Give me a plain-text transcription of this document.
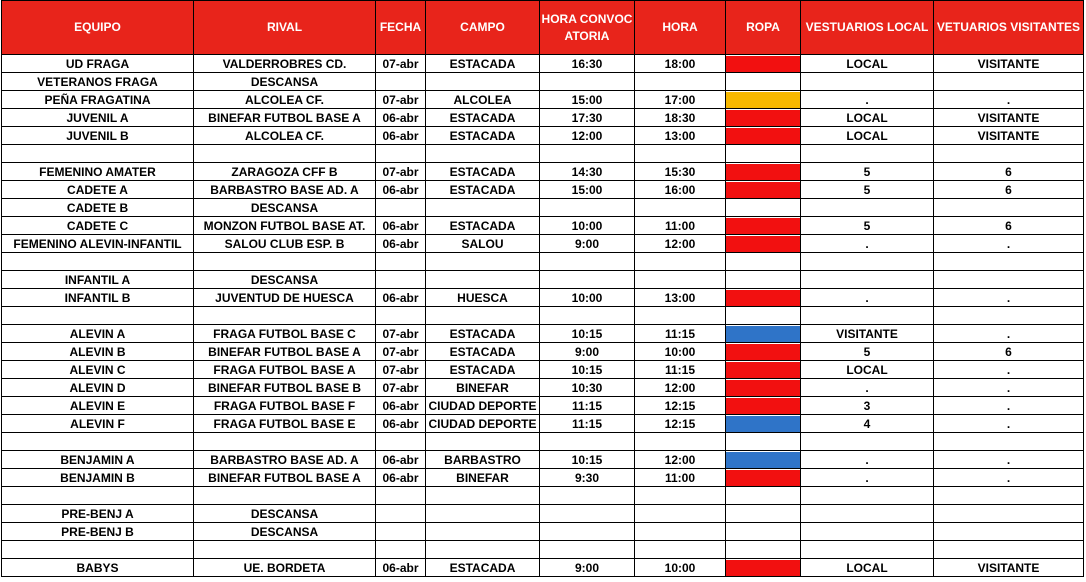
EQUIPO	RIVAL	FECHA	CAMPO	HORA CONVOCATORIA	HORA	ROPA	VESTUARIOS LOCAL	VETUARIOS VISITANTES
UD FRAGA	VALDERROBRES CD.	07-abr	ESTACADA	16:30	18:00		LOCAL	VISITANTE
VETERANOS FRAGA	DESCANSA							
PEÑA FRAGATINA	ALCOLEA CF.	07-abr	ALCOLEA	15:00	17:00		.	.
JUVENIL A	BINEFAR FUTBOL BASE A	06-abr	ESTACADA	17:30	18:30		LOCAL	VISITANTE
JUVENIL B	ALCOLEA CF.	06-abr	ESTACADA	12:00	13:00		LOCAL	VISITANTE

FEMENINO AMATER	ZARAGOZA CFF B	07-abr	ESTACADA	14:30	15:30		5	6
CADETE A	BARBASTRO BASE AD. A	06-abr	ESTACADA	15:00	16:00		5	6
CADETE B	DESCANSA							
CADETE C	MONZON FUTBOL BASE AT.	06-abr	ESTACADA	10:00	11:00		5	6
FEMENINO ALEVIN-INFANTIL	SALOU CLUB ESP. B	06-abr	SALOU	9:00	12:00		.	.

INFANTIL A	DESCANSA							
INFANTIL B	JUVENTUD DE HUESCA	06-abr	HUESCA	10:00	13:00		.	.

ALEVIN A	FRAGA FUTBOL BASE C	07-abr	ESTACADA	10:15	11:15		VISITANTE	.
ALEVIN B	BINEFAR FUTBOL BASE A	07-abr	ESTACADA	9:00	10:00		5	6
ALEVIN C	FRAGA FUTBOL BASE A	07-abr	ESTACADA	10:15	11:15		LOCAL	.
ALEVIN D	BINEFAR FUTBOL BASE B	07-abr	BINEFAR	10:30	12:00		.	.
ALEVIN E	FRAGA FUTBOL BASE F	06-abr	CIUDAD DEPORTE	11:15	12:15		3	.
ALEVIN F	FRAGA FUTBOL BASE E	06-abr	CIUDAD DEPORTE	11:15	12:15		4	.

BENJAMIN A	BARBASTRO BASE AD. A	06-abr	BARBASTRO	10:15	12:00		.	.
BENJAMIN B	BINEFAR FUTBOL BASE A	06-abr	BINEFAR	9:30	11:00		.	.

PRE-BENJ A	DESCANSA							
PRE-BENJ B	DESCANSA							

BABYS	UE. BORDETA	06-abr	ESTACADA	9:00	10:00		LOCAL	VISITANTE
